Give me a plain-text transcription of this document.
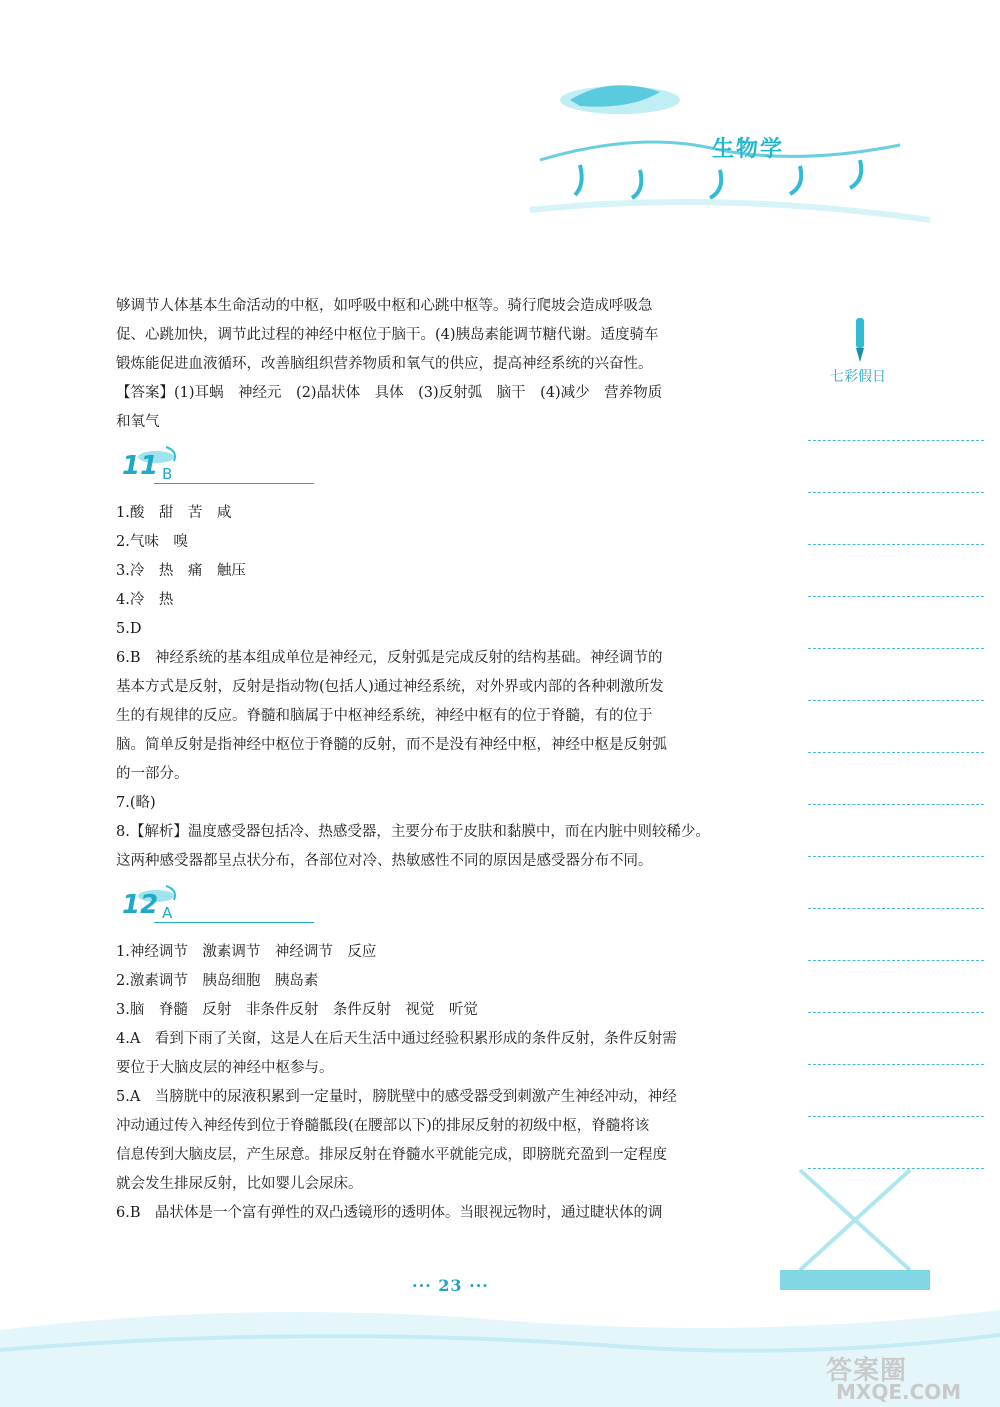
生物学
七彩假日

够调节人体基本生命活动的中枢，如呼吸中枢和心跳中枢等。骑行爬坡会造成呼吸急

促、心跳加快，调节此过程的神经中枢位于脑干。(4)胰岛素能调节糖代谢。适度骑车

锻炼能促进血液循环，改善脑组织营养物质和氧气的供应，提高神经系统的兴奋性。

【答案】(1)耳蜗　神经元　(2)晶状体　具体　(3)反射弧　脑干　(4)减少　营养物质

和氧气

11 B

1.酸　甜　苦　咸

2.气味　嗅

3.冷　热　痛　触压

4.冷　热

5.D

6.B　神经系统的基本组成单位是神经元，反射弧是完成反射的结构基础。神经调节的

基本方式是反射，反射是指动物(包括人)通过神经系统，对外界或内部的各种刺激所发

生的有规律的反应。脊髓和脑属于中枢神经系统，神经中枢有的位于脊髓，有的位于

脑。简单反射是指神经中枢位于脊髓的反射，而不是没有神经中枢，神经中枢是反射弧

的一部分。

7.(略)

8.【解析】温度感受器包括冷、热感受器，主要分布于皮肤和黏膜中，而在内脏中则较稀少。

这两种感受器都呈点状分布，各部位对冷、热敏感性不同的原因是感受器分布不同。

12 A

1.神经调节　激素调节　神经调节　反应

2.激素调节　胰岛细胞　胰岛素

3.脑　脊髓　反射　非条件反射　条件反射　视觉　听觉

4.A　看到下雨了关窗，这是人在后天生活中通过经验积累形成的条件反射，条件反射需

要位于大脑皮层的神经中枢参与。

5.A　当膀胱中的尿液积累到一定量时，膀胱壁中的感受器受到刺激产生神经冲动，神经

冲动通过传入神经传到位于脊髓骶段(在腰部以下)的排尿反射的初级中枢，脊髓将该

信息传到大脑皮层，产生尿意。排尿反射在脊髓水平就能完成，即膀胱充盈到一定程度

就会发生排尿反射，比如婴儿会尿床。

6.B　晶状体是一个富有弹性的双凸透镜形的透明体。当眼视远物时，通过睫状体的调

··· 23 ···
答案圈
MXQE.COM
